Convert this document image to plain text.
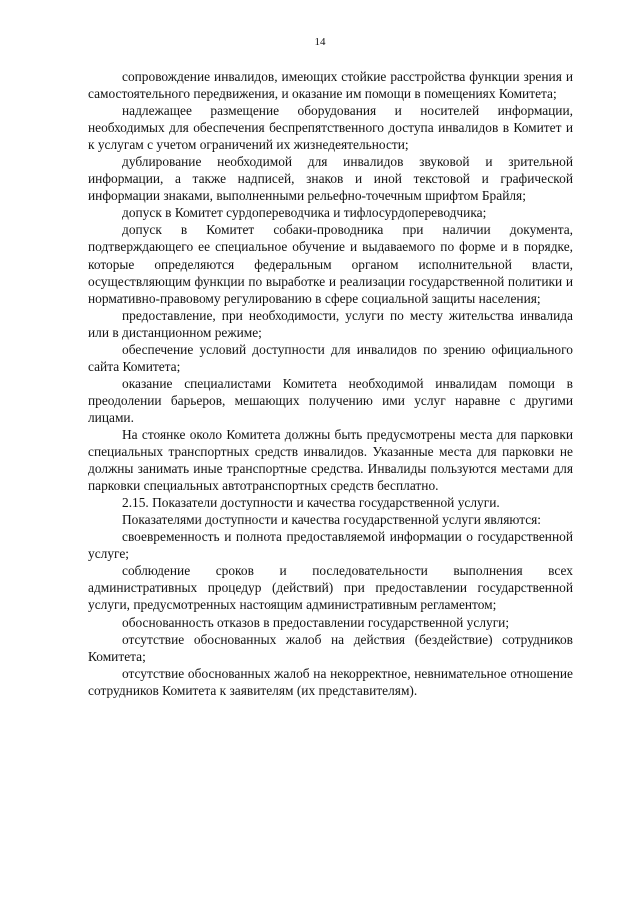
14

сопровождение инвалидов, имеющих стойкие расстройства функции зрения и самостоятельного передвижения, и оказание им помощи в помещениях Комитета;

надлежащее размещение оборудования и носителей информации, необходимых для обеспечения беспрепятственного доступа инвалидов в Комитет и к услугам с учетом ограничений их жизнедеятельности;

дублирование необходимой для инвалидов звуковой и зрительной информации, а также надписей, знаков и иной текстовой и графической информации знаками, выполненными рельефно-точечным шрифтом Брайля;

допуск в Комитет сурдопереводчика и тифлосурдопереводчика;

допуск в Комитет собаки-проводника при наличии документа, подтверждающего ее специальное обучение и выдаваемого по форме и в порядке, которые определяются федеральным органом исполнительной власти, осуществляющим функции по выработке и реализации государственной политики и нормативно-правовому регулированию в сфере социальной защиты населения;

предоставление, при необходимости, услуги по месту жительства инвалида или в дистанционном режиме;

обеспечение условий доступности для инвалидов по зрению официального сайта Комитета;

оказание специалистами Комитета необходимой инвалидам помощи в преодолении барьеров, мешающих получению ими услуг наравне с другими лицами.

На стоянке около Комитета должны быть предусмотрены места для парковки специальных транспортных средств инвалидов. Указанные места для парковки не должны занимать иные транспортные средства. Инвалиды пользуются местами для парковки специальных автотранспортных средств бесплатно.

2.15. Показатели доступности и качества государственной услуги.

Показателями доступности и качества государственной услуги являются:

своевременность и полнота предоставляемой информации о государственной услуге;

соблюдение сроков и последовательности выполнения всех административных процедур (действий) при предоставлении государственной услуги, предусмотренных настоящим административным регламентом;

обоснованность отказов в предоставлении государственной услуги;

отсутствие обоснованных жалоб на действия (бездействие) сотрудников Комитета;

отсутствие обоснованных жалоб на некорректное, невнимательное отношение сотрудников Комитета к заявителям (их представителям).
